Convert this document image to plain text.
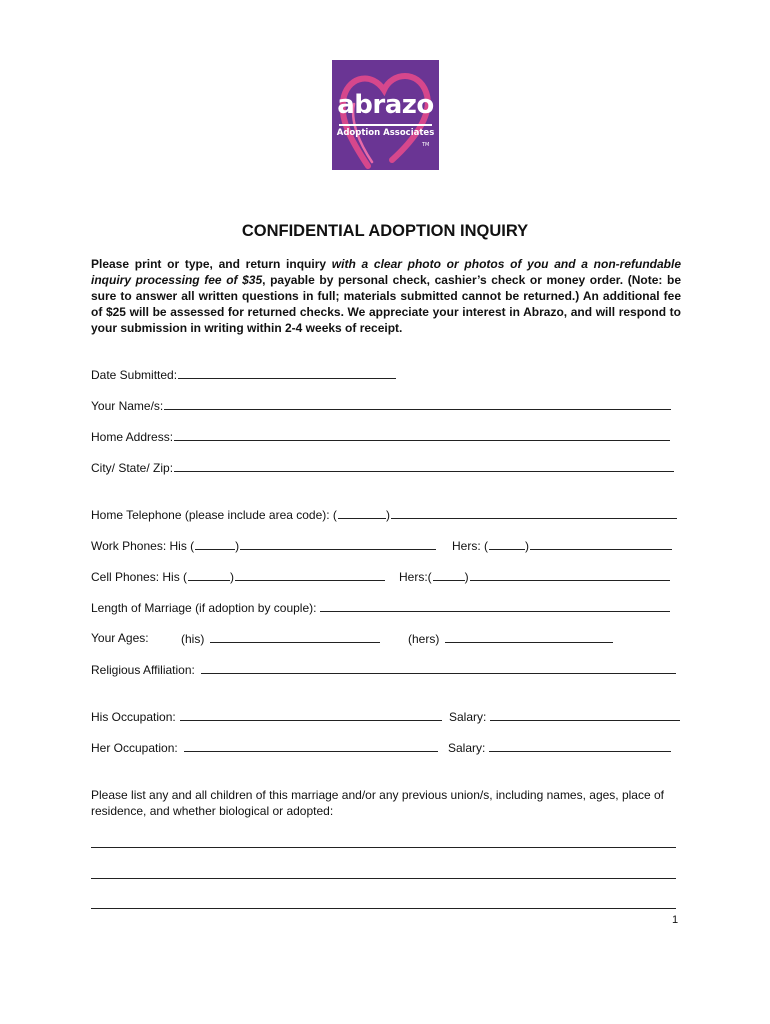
abrazo
Adoption Associates
TM
CONFIDENTIAL ADOPTION INQUIRY
Please print or type, and return inquiry with a clear photo or photos of you and a non-refundable inquiry processing fee of $35, payable by personal check, cashier’s check or money order. (Note: be sure to answer all written questions in full; materials submitted cannot be returned.) An additional fee of $25 will be assessed for returned checks. We appreciate your interest in Abrazo, and will respond to your submission in writing within 2-4 weeks of receipt.
Date Submitted:
Your Name/s:
Home Address:
City/ State/ Zip:
Home Telephone (please include area code): (	)
Work Phones: His (	)	Hers: (	)
Cell Phones: His (	)	Hers:(	)
Length of Marriage (if adoption by couple):
Your Ages:	(his)	(hers)
Religious Affiliation:
His Occupation:	Salary:
Her Occupation:	Salary:
Please list any and all children of this marriage and/or any previous union/s, including names, ages, place of residence, and whether biological or adopted:
1
